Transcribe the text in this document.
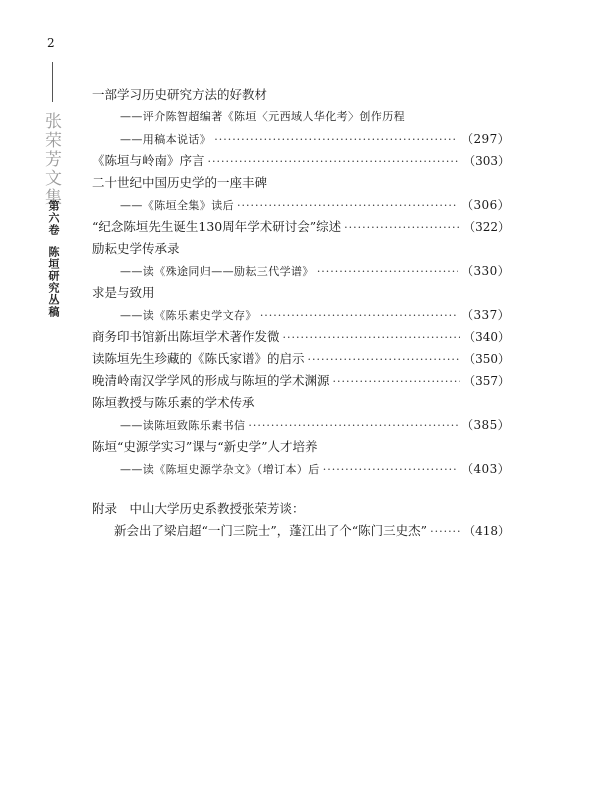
2
张荣芳文集
第六卷
陈垣研究丛稿
一部学习历史研究方法的好教材
——评介陈智超编著《陈垣〈元西域人华化考〉创作历程
——用稿本说话》 ·····	（297）
《陈垣与岭南》序言 ·····	（303）
二十世纪中国历史学的一座丰碑
——《陈垣全集》读后 ·····	（306）
“纪念陈垣先生诞生130周年学术研讨会”综述 ·····	（322）
励耘史学传承录
——读《殊途同归——励耘三代学谱》 ·····	（330）
求是与致用
——读《陈乐素史学文存》 ·····	（337）
商务印书馆新出陈垣学术著作发微 ·····	（340）
读陈垣先生珍藏的《陈氏家谱》的启示 ·····	（350）
晚清岭南汉学学风的形成与陈垣的学术渊源 ·····	（357）
陈垣教授与陈乐素的学术传承
——读陈垣致陈乐素书信 ·····	（385）
陈垣“史源学实习”课与“新史学”人才培养
——读《陈垣史源学杂文》（增订本）后 ·····	（403）
附录　中山大学历史系教授张荣芳谈：
新会出了梁启超“一门三院士”，蓬江出了个“陈门三史杰” ·····	（418）
